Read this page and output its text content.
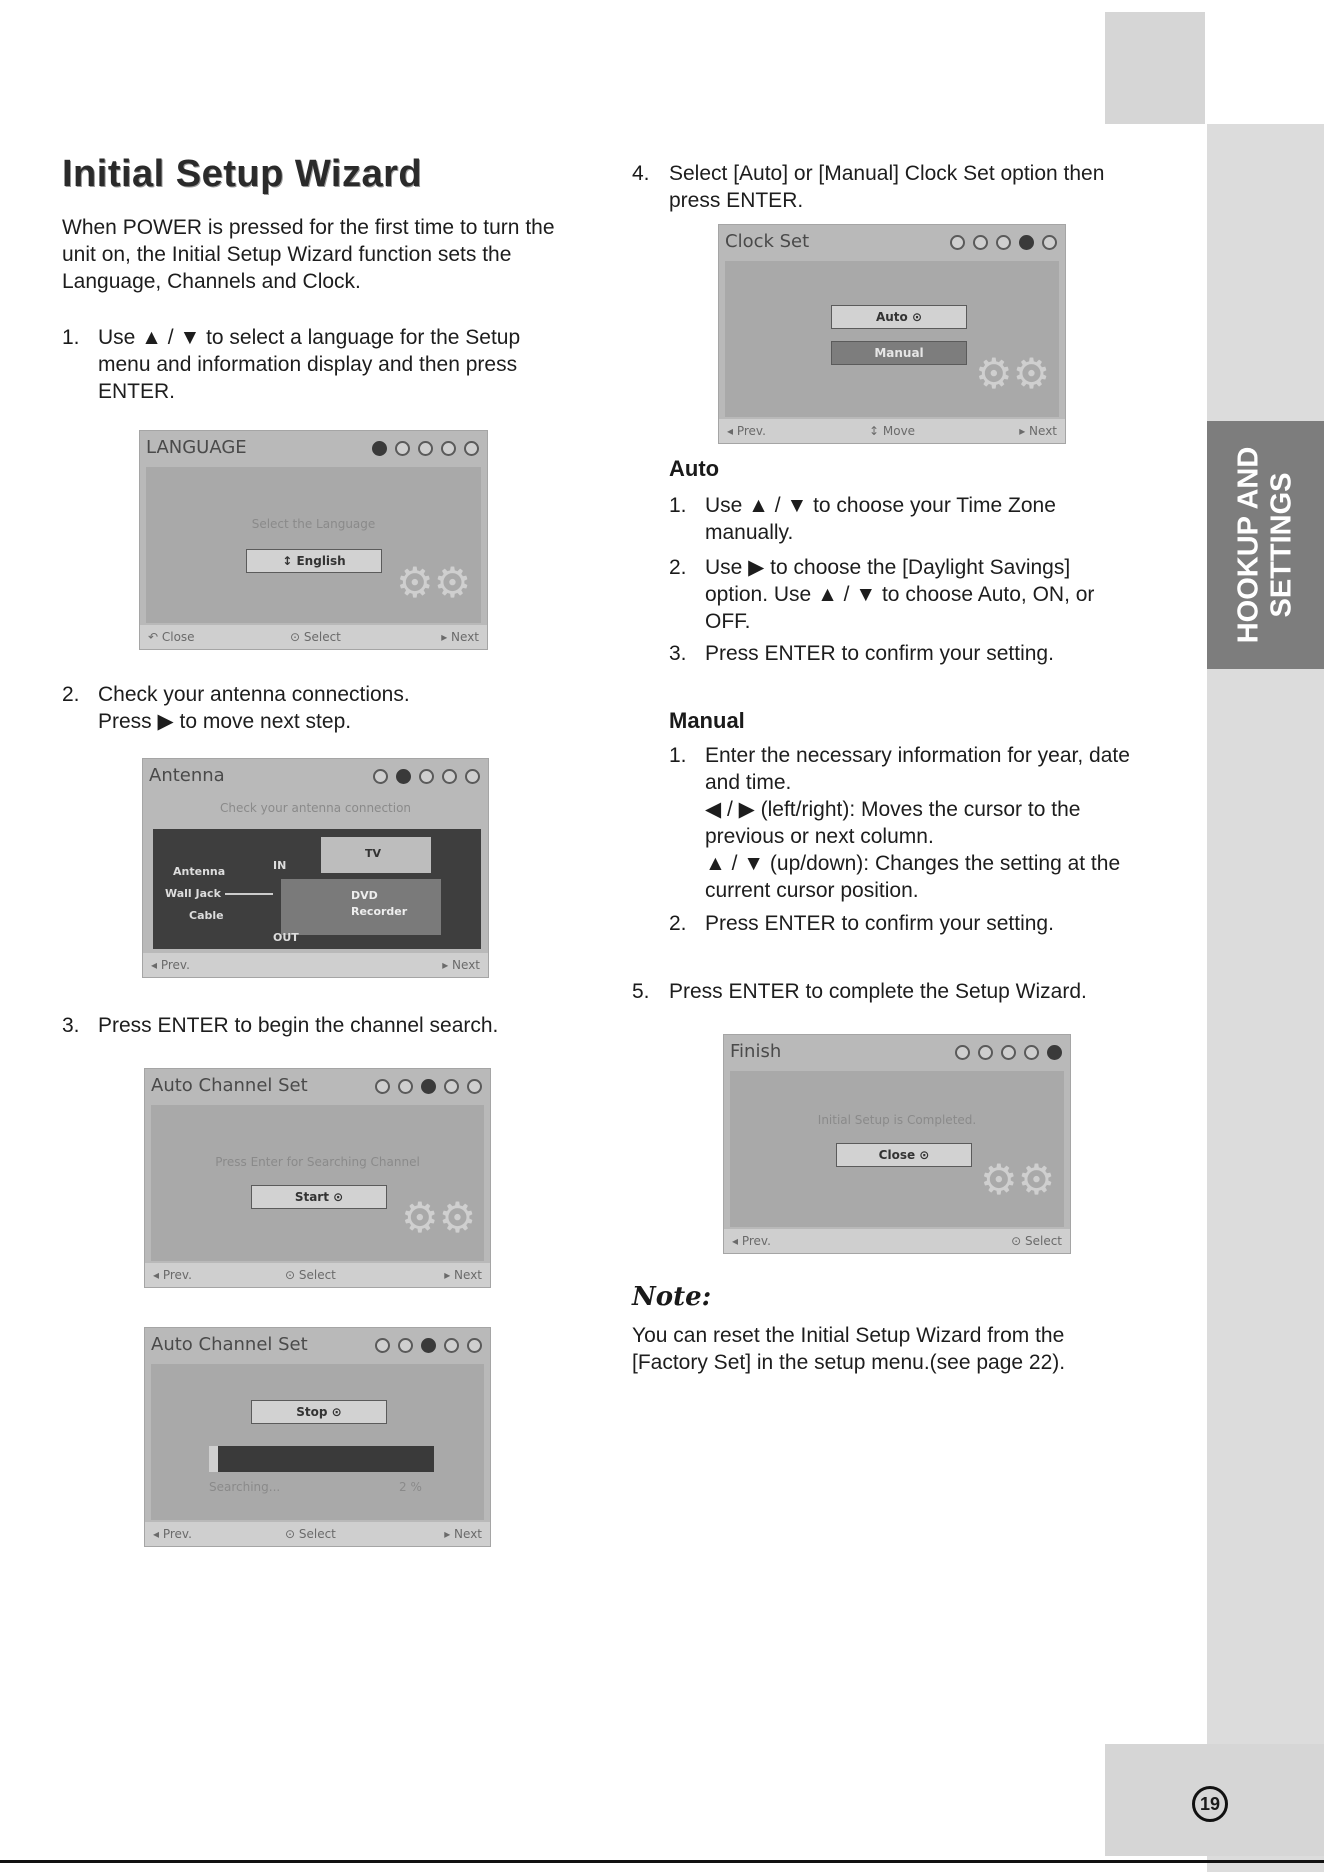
HOOKUP AND
SETTINGS
19
Initial Setup Wizard

When POWER is pressed for the first time to turn the

unit on, the Initial Setup Wizard function sets the

Language, Channels and Clock.

1. Use ▲ / ▼ to select a language for the Setup

menu and information display and then press

ENTER.

LANGUAGE
Select the Language
↕ English	⚙⚙
↶ Close	⊙ Select	▸ Next
2. Check your antenna connections.

Press ▶ to move next step.

Antenna
Check your antenna connection
TV
DVD
Recorder
IN
OUT
Antenna
Wall Jack
Cable
◂ Prev.	▸ Next
3. Press ENTER to begin the channel search.

Auto Channel Set
Press Enter for Searching Channel
Start ⊙	⚙⚙
◂ Prev.	⊙ Select	▸ Next
Auto Channel Set
Stop ⊙
Searching...	2 %
◂ Prev.	⊙ Select	▸ Next
4. Select [Auto] or [Manual] Clock Set option then

press ENTER.

Clock Set
Auto ⊙
Manual	⚙⚙
◂ Prev.	↕ Move	▸ Next
Auto
1. Use ▲ / ▼ to choose your Time Zone

manually.

2. Use ▶ to choose the [Daylight Savings]

option. Use ▲ / ▼ to choose Auto, ON, or

OFF.

3. Press ENTER to confirm your setting.

Manual
1. Enter the necessary information for year, date

and time.

◀ / ▶ (left/right): Moves the cursor to the

previous or next column.

▲ / ▼ (up/down): Changes the setting at the

current cursor position.

2. Press ENTER to confirm your setting.

5. Press ENTER to complete the Setup Wizard.

Finish
Initial Setup is Completed.
Close ⊙	⚙⚙
◂ Prev.	⊙ Select
Note:

You can reset the Initial Setup Wizard from the

[Factory Set] in the setup menu.(see page 22).
